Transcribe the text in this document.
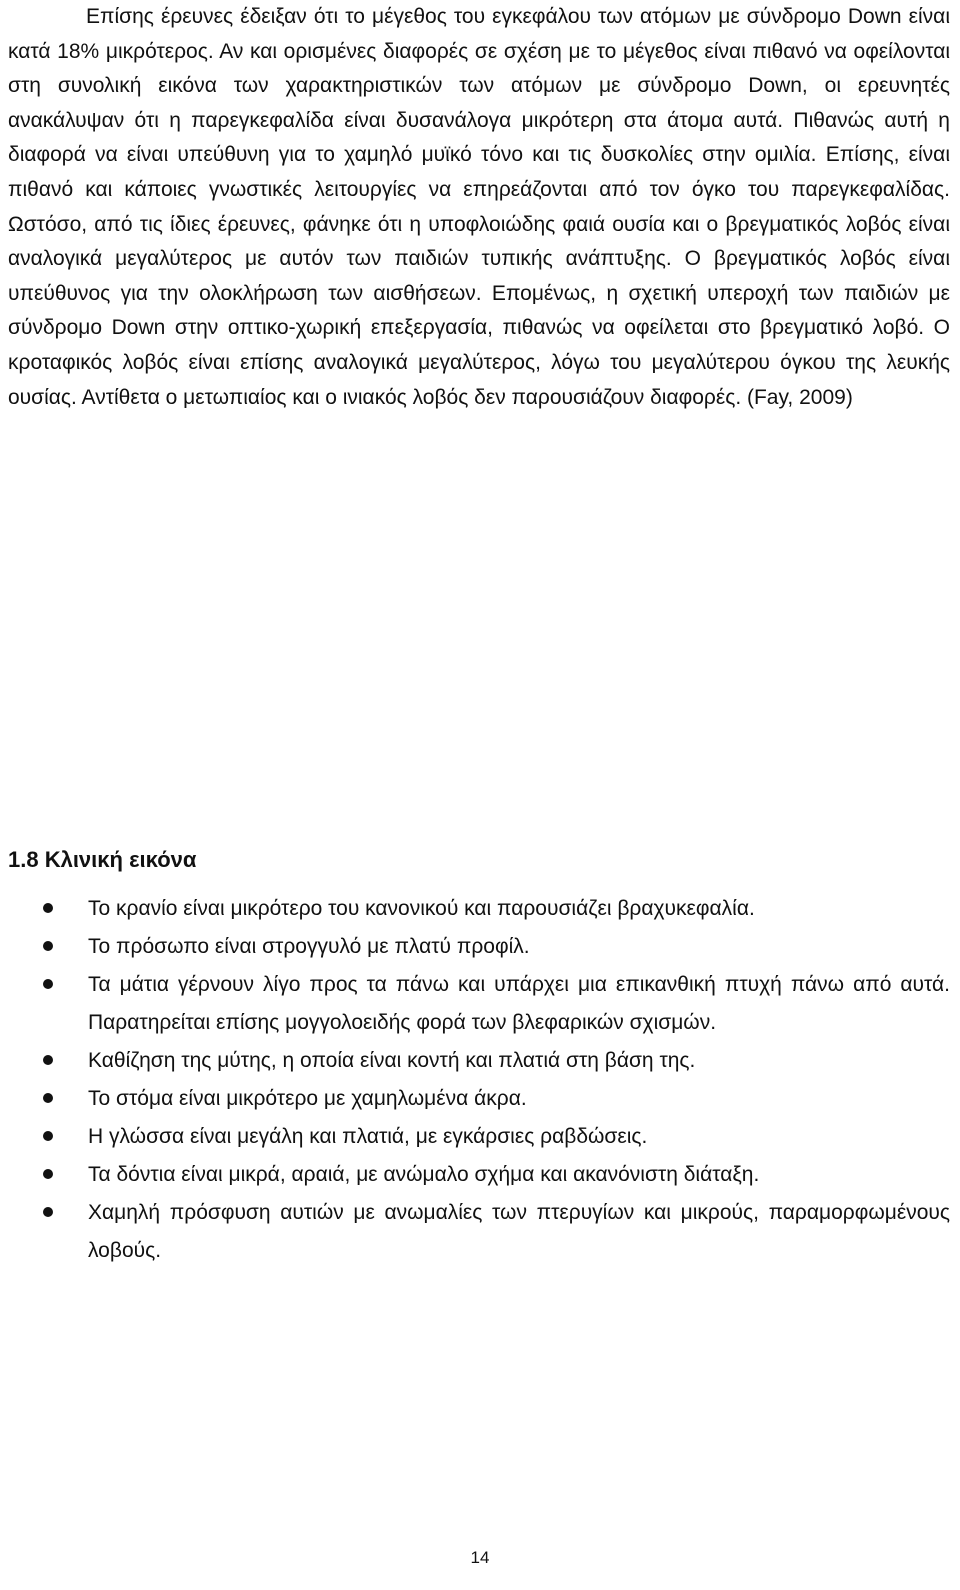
Επίσης έρευνες έδειξαν ότι το μέγεθος του εγκεφάλου των ατόμων με σύνδρομο Down είναι κατά 18% μικρότερος. Αν και ορισμένες διαφορές σε σχέση με το μέγεθος είναι πιθανό να οφείλονται στη συνολική εικόνα των χαρακτηριστικών των ατόμων με σύνδρομο Down, οι ερευνητές ανακάλυψαν ότι η παρεγκεφαλίδα είναι δυσανάλογα μικρότερη στα άτομα αυτά. Πιθανώς αυτή η διαφορά να είναι υπεύθυνη για το χαμηλό μυϊκό τόνο και τις δυσκολίες στην ομιλία. Επίσης, είναι πιθανό και κάποιες γνωστικές λειτουργίες να επηρεάζονται από τον όγκο του παρεγκεφαλίδας. Ωστόσο, από τις ίδιες έρευνες, φάνηκε ότι η υποφλοιώδης φαιά ουσία και ο βρεγματικός λοβός είναι αναλογικά μεγαλύτερος με αυτόν των παιδιών τυπικής ανάπτυξης. Ο βρεγματικός λοβός είναι υπεύθυνος για την ολοκλήρωση των αισθήσεων. Επομένως, η σχετική υπεροχή των παιδιών με σύνδρομο Down στην οπτικο-χωρική επεξεργασία, πιθανώς να οφείλεται στο βρεγματικό λοβό. Ο κροταφικός λοβός είναι επίσης αναλογικά μεγαλύτερος, λόγω του μεγαλύτερου όγκου της λευκής ουσίας. Αντίθετα ο μετωπιαίος και ο ινιακός λοβός δεν παρουσιάζουν διαφορές. (Fay, 2009)

1.8 Κλινική εικόνα
Το κρανίο είναι μικρότερο του κανονικού και παρουσιάζει βραχυκεφαλία.
Το πρόσωπο είναι στρογγυλό με πλατύ προφίλ.
Τα μάτια γέρνουν λίγο προς τα πάνω και υπάρχει μια επικανθική πτυχή πάνω από αυτά. Παρατηρείται επίσης μογγολοειδής φορά των βλεφαρικών σχισμών.
Καθίζηση της μύτης, η οποία είναι κοντή και πλατιά στη βάση της.
Το στόμα είναι μικρότερο με χαμηλωμένα άκρα.
Η γλώσσα είναι μεγάλη και πλατιά, με εγκάρσιες ραβδώσεις.
Τα δόντια είναι μικρά, αραιά, με ανώμαλο σχήμα και ακανόνιστη διάταξη.
Χαμηλή πρόσφυση αυτιών με ανωμαλίες των πτερυγίων και μικρούς, παραμορφωμένους λοβούς.
14
